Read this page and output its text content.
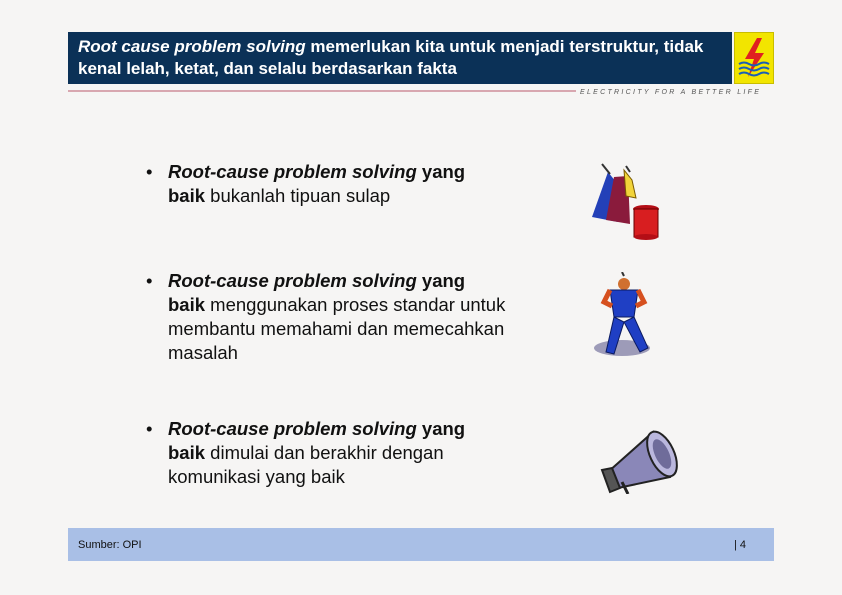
Root cause problem solving memerlukan kita untuk menjadi terstruktur, tidak kenal lelah, ketat, dan selalu berdasarkan fakta
ELECTRICITY FOR A BETTER LIFE
• Root-cause problem solving yang baik bukanlah tipuan sulap
• Root-cause problem solving yang baik menggunakan proses standar untuk membantu memahami dan memecahkan masalah
• Root-cause problem solving yang baik dimulai dan berakhir dengan komunikasi yang baik
Sumber: OPI	| 4
